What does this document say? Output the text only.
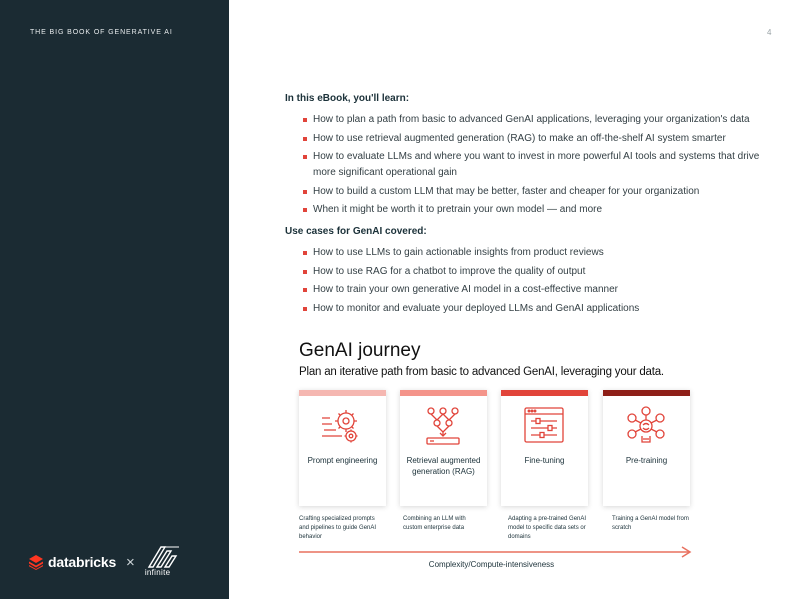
THE BIG BOOK OF GENERATIVE AI
databricks ×
infinite
4
In this eBook, you'll learn:
How to plan a path from basic to advanced GenAI applications, leveraging your organization's data
How to use retrieval augmented generation (RAG) to make an off-the-shelf AI system smarter
How to evaluate LLMs and where you want to invest in more powerful AI tools and systems that drive more significant operational gain
How to build a custom LLM that may be better, faster and cheaper for your organization
When it might be worth it to pretrain your own model — and more
Use cases for GenAI covered:
How to use LLMs to gain actionable insights from product reviews
How to use RAG for a chatbot to improve the quality of output
How to train your own generative AI model in a cost-effective manner
How to monitor and evaluate your deployed LLMs and GenAI applications
GenAI journey
Plan an iterative path from basic to advanced GenAI, leveraging your data.
Prompt engineering	Retrieval augmented generation (RAG)
Fine-tuning	Pre-training
Crafting specialized prompts and pipelines to guide GenAI behavior
Combining an LLM with custom enterprise data
Adapting a pre-trained GenAI model to specific data sets or domains
Training a GenAI model from scratch
Complexity/Compute-intensiveness
